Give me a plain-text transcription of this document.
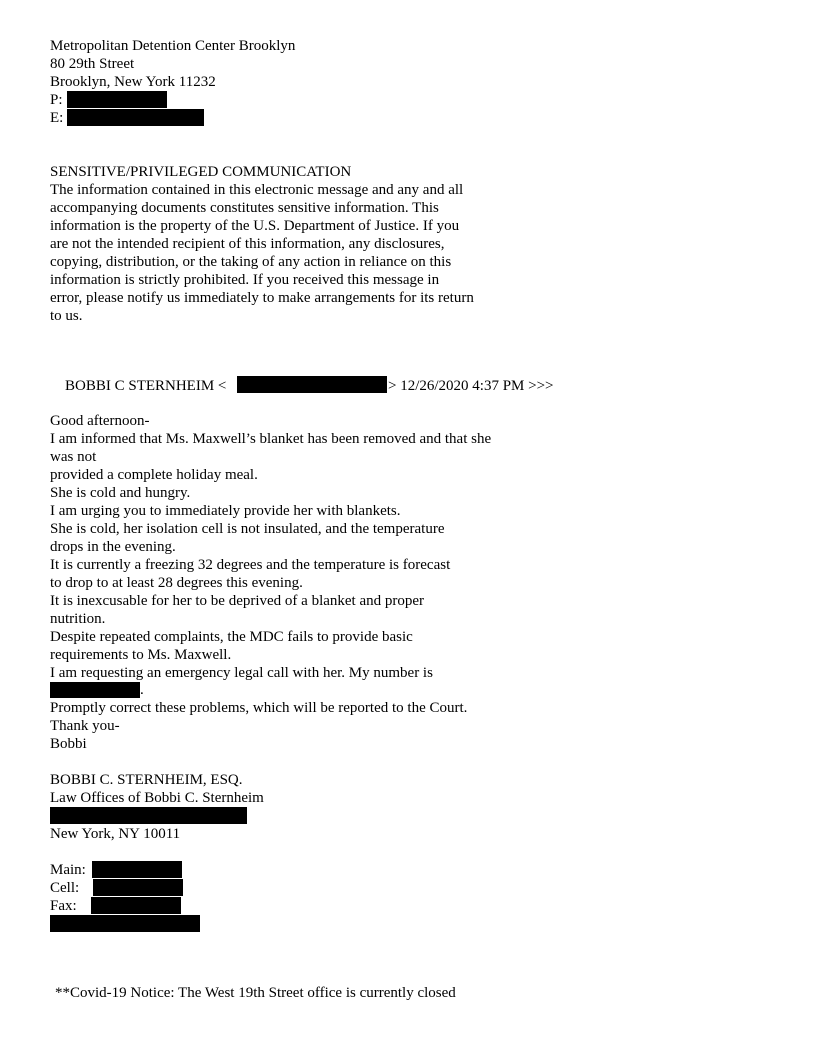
Metropolitan Detention Center Brooklyn
80 29th Street
Brooklyn, New York 11232
P:
E:
SENSITIVE/PRIVILEGED COMMUNICATION
The information contained in this electronic message and any and all
accompanying documents constitutes sensitive information. This
information is the property of the U.S. Department of Justice. If you
are not the intended recipient of this information, any disclosures,
copying, distribution, or the taking of any action in reliance on this
information is strictly prohibited. If you received this message in
error, please notify us immediately to make arrangements for its return
to us.
BOBBI C STERNHEIM <	> 12/26/2020 4:37 PM >>>
Good afternoon-
I am informed that Ms. Maxwell’s blanket has been removed and that she
was not
provided a complete holiday meal.
She is cold and hungry.
I am urging you to immediately provide her with blankets.
She is cold, her isolation cell is not insulated, and the temperature
drops in the evening.
It is currently a freezing 32 degrees and the temperature is forecast
to drop to at least 28 degrees this evening.
It is inexcusable for her to be deprived of a blanket and proper
nutrition.
Despite repeated complaints, the MDC fails to provide basic
requirements to Ms. Maxwell.
I am requesting an emergency legal call with her. My number is
.
Promptly correct these problems, which will be reported to the Court.
Thank you-
Bobbi
BOBBI C. STERNHEIM, ESQ.
Law Offices of Bobbi C. Sternheim
New York, NY 10011
Main:
Cell:
Fax:
**Covid-19 Notice: The West 19th Street office is currently closed
